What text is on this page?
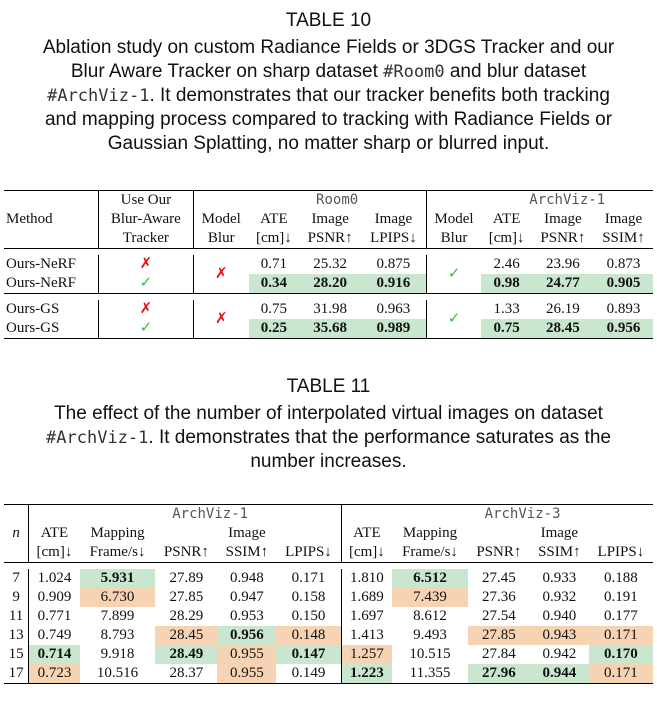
TABLE 10
Ablation study on custom Radiance Fields or 3DGS Tracker and our
Blur Aware Tracker on sharp dataset #Room0 and blur dataset
#ArchViz-1. It demonstrates that our tracker benefits both tracking
and mapping process compared to tracking with Radiance Fields or
Gaussian Splatting, no matter sharp or blurred input.
Method	Use Our		Room0				ArchViz-1		
	Blur-Aware	Model	ATE	Image	Image	Model	ATE	Image	Image
	Tracker	Blur	[cm]↓	PSNR↑	LPIPS↓	Blur	[cm]↓	PSNR↑	SSIM↑

Ours-NeRF	✗	✗	0.71	25.32	0.875	✓	2.46	23.96	0.873
Ours-NeRF	✓		0.34	28.20	0.916		0.98	24.77	0.905

Ours-GS	✗	✗	0.75	31.98	0.963	✓	1.33	26.19	0.893
Ours-GS	✓		0.25	35.68	0.989		0.75	28.45	0.956
TABLE 11
The effect of the number of interpolated virtual images on dataset
#ArchViz-1. It demonstrates that the performance saturates as the
number increases.
		ArchViz-1					ArchViz-3			
n	ATE	Mapping		Image		ATE	Mapping		Image	
	[cm]↓	Frame/s↓	PSNR↑	SSIM↑	LPIPS↓	[cm]↓	Frame/s↓	PSNR↑	SSIM↑	LPIPS↓

7	1.024	5.931	27.89	0.948	0.171	1.810	6.512	27.45	0.933	0.188
9	0.909	6.730	27.85	0.947	0.158	1.689	7.439	27.36	0.932	0.191
11	0.771	7.899	28.29	0.953	0.150	1.697	8.612	27.54	0.940	0.177
13	0.749	8.793	28.45	0.956	0.148	1.413	9.493	27.85	0.943	0.171
15	0.714	9.918	28.49	0.955	0.147	1.257	10.515	27.84	0.942	0.170
17	0.723	10.516	28.37	0.955	0.149	1.223	11.355	27.96	0.944	0.171
